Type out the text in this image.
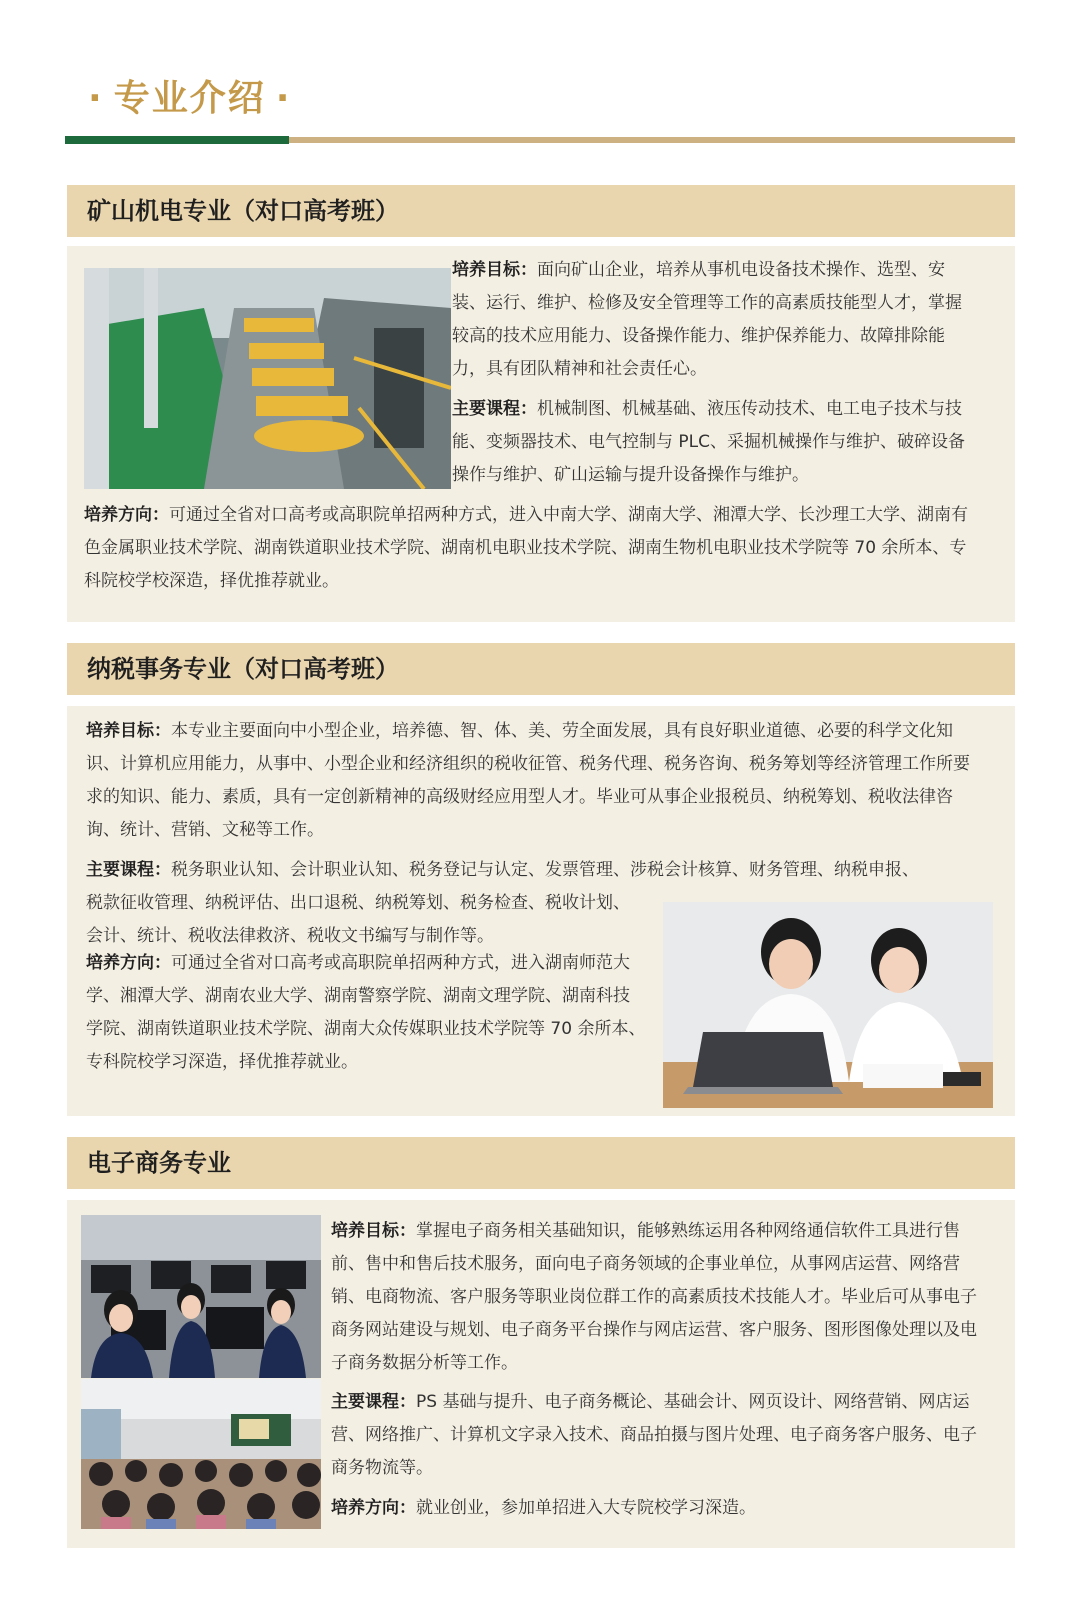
· 专业介绍 ·
矿山机电专业（对口高考班）

培养目标：面向矿山企业，培养从事机电设备技术操作、选型、安装、运行、维护、检修及安全管理等工作的高素质技能型人才，掌握较高的技术应用能力、设备操作能力、维护保养能力、故障排除能力，具有团队精神和社会责任心。

主要课程：机械制图、机械基础、液压传动技术、电工电子技术与技能、变频器技术、电气控制与 PLC、采掘机械操作与维护、破碎设备操作与维护、矿山运输与提升设备操作与维护。

培养方向：可通过全省对口高考或高职院单招两种方式，进入中南大学、湖南大学、湘潭大学、长沙理工大学、湖南有色金属职业技术学院、湖南铁道职业技术学院、湖南机电职业技术学院、湖南生物机电职业技术学院等 70 余所本、专科院校学校深造，择优推荐就业。

纳税事务专业（对口高考班）

培养目标：本专业主要面向中小型企业，培养德、智、体、美、劳全面发展，具有良好职业道德、必要的科学文化知识、计算机应用能力，从事中、小型企业和经济组织的税收征管、税务代理、税务咨询、税务筹划等经济管理工作所要求的知识、能力、素质，具有一定创新精神的高级财经应用型人才。毕业可从事企业报税员、纳税筹划、税收法律咨询、统计、营销、文秘等工作。

主要课程：税务职业认知、会计职业认知、税务登记与认定、发票管理、涉税会计核算、财务管理、纳税申报、

税款征收管理、纳税评估、出口退税、纳税筹划、税务检查、税收计划、会计、统计、税收法律救济、税收文书编写与制作等。

培养方向：可通过全省对口高考或高职院单招两种方式，进入湖南师范大学、湘潭大学、湖南农业大学、湖南警察学院、湖南文理学院、湖南科技学院、湖南铁道职业技术学院、湖南大众传媒职业技术学院等 70 余所本、专科院校学习深造，择优推荐就业。

电子商务专业

培养目标：掌握电子商务相关基础知识，能够熟练运用各种网络通信软件工具进行售前、售中和售后技术服务，面向电子商务领域的企事业单位，从事网店运营、网络营销、电商物流、客户服务等职业岗位群工作的高素质技术技能人才。毕业后可从事电子商务网站建设与规划、电子商务平台操作与网店运营、客户服务、图形图像处理以及电子商务数据分析等工作。

主要课程：PS 基础与提升、电子商务概论、基础会计、网页设计、网络营销、网店运营、网络推广、计算机文字录入技术、商品拍摄与图片处理、电子商务客户服务、电子商务物流等。

培养方向：就业创业，参加单招进入大专院校学习深造。
